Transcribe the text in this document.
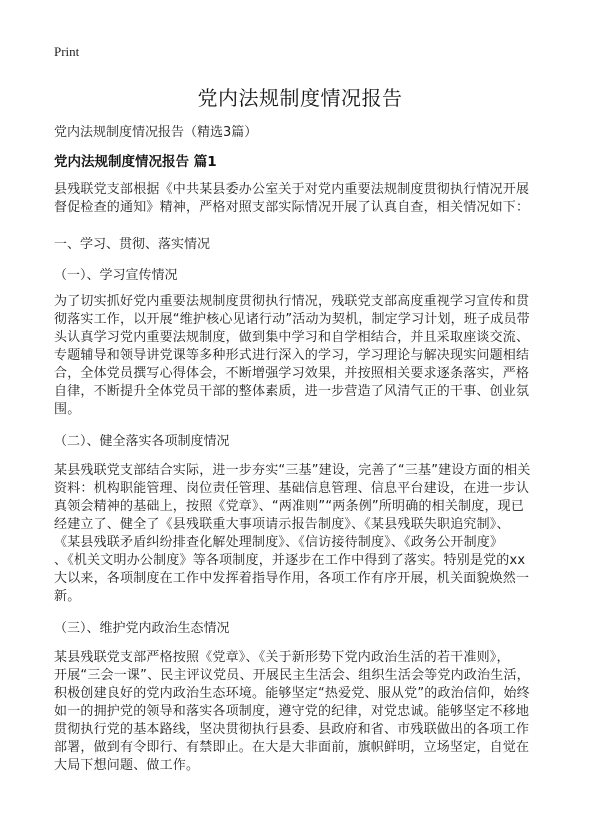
Print
党内法规制度情况报告
党内法规制度情况报告（精选3篇）
党内法规制度情况报告 篇1
县残联党支部根据《中共某县委办公室关于对党内重要法规制度贯彻执行情况开展
督促检查的通知》精神，严格对照支部实际情况开展了认真自查，相关情况如下：
一、学习、贯彻、落实情况
（一）、学习宣传情况
为了切实抓好党内重要法规制度贯彻执行情况，残联党支部高度重视学习宣传和贯
彻落实工作，以开展“维护核心见诸行动”活动为契机，制定学习计划，班子成员带
头认真学习党内重要法规制度，做到集中学习和自学相结合，并且采取座谈交流、
专题辅导和领导讲党课等多种形式进行深入的学习，学习理论与解决现实问题相结
合，全体党员撰写心得体会，不断增强学习效果，并按照相关要求逐条落实，严格
自律，不断提升全体党员干部的整体素质，进一步营造了风清气正的干事、创业氛
围。
（二）、健全落实各项制度情况
某县残联党支部结合实际，进一步夯实“三基”建设，完善了“三基”建设方面的相关
资料：机构职能管理、岗位责任管理、基础信息管理、信息平台建设，在进一步认
真领会精神的基础上，按照《党章》、“两准则”“两条例”所明确的相关制度，现已
经建立了、健全了《县残联重大事项请示报告制度》、《某县残联失职追究制》、
《某县残联矛盾纠纷排查化解处理制度》、《信访接待制度》、《政务公开制度》
、《机关文明办公制度》等各项制度，并逐步在工作中得到了落实。特别是党的xx
大以来，各项制度在工作中发挥着指导作用，各项工作有序开展，机关面貌焕然一
新。
（三）、维护党内政治生态情况
某县残联党支部严格按照《党章》、《关于新形势下党内政治生活的若干准则》，
开展“三会一课”、民主评议党员、开展民主生活会、组织生活会等党内政治生活，
积极创建良好的党内政治生态环境。能够坚定“热爱党、服从党”的政治信仰，始终
如一的拥护党的领导和落实各项制度，遵守党的纪律，对党忠诚。能够坚定不移地
贯彻执行党的基本路线，坚决贯彻执行县委、县政府和省、市残联做出的各项工作
部署，做到有令即行、有禁即止。在大是大非面前，旗帜鲜明，立场坚定，自觉在
大局下想问题、做工作。
